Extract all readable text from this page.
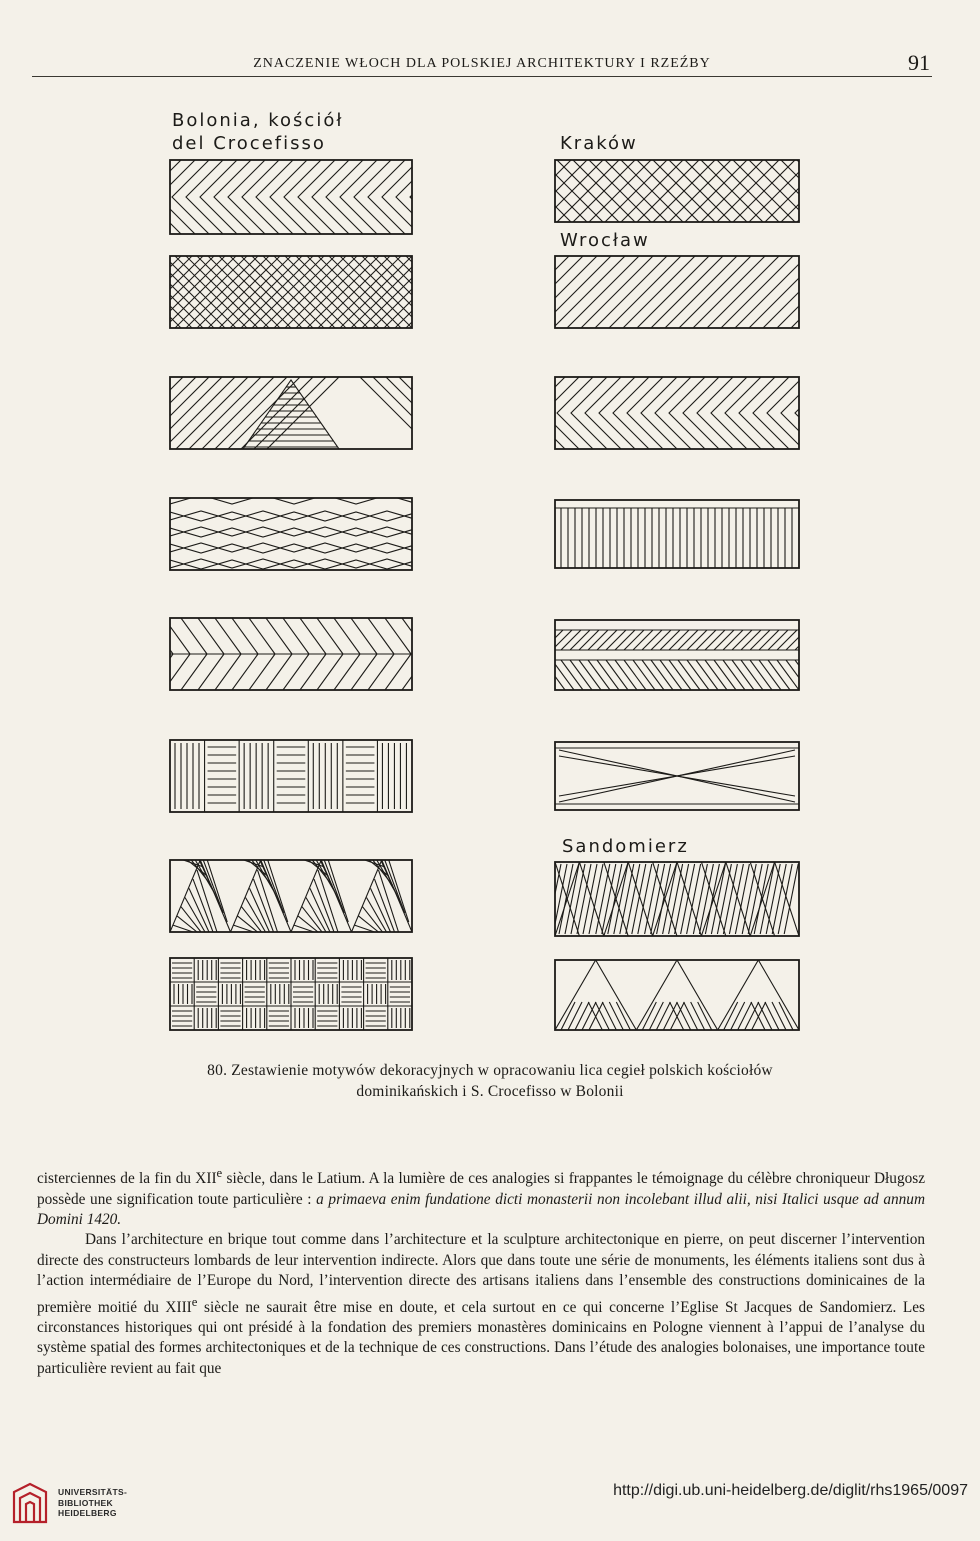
ZNACZENIE WŁOCH DLA POLSKIEJ ARCHITEKTURY I RZEŹBY	91
Bolonia, kościół
del Crocefisso	Kraków
Wrocław
Sandomierz
80. Zestawienie motywów dekoracyjnych w opracowaniu lica cegieł polskich kościołów
dominikańskich i S. Crocefisso w Bolonii

cisterciennes de la fin du XIIe siècle, dans le Latium. A la lumière de ces analogies si frappantes le témoignage du célèbre chroniqueur Długosz possède une signification toute particulière : a primaeva enim fundatione dicti monasterii non incolebant illud alii, nisi Italici usque ad annum Domini 1420.

Dans l’architecture en brique tout comme dans l’architecture et la sculpture architectonique en pierre, on peut discerner l’intervention directe des constructeurs lombards de leur intervention indirecte. Alors que dans toute une série de monuments, les éléments italiens sont dus à l’action intermédiaire de l’Europe du Nord, l’intervention directe des artisans italiens dans l’ensemble des constructions dominicaines de la première moitié du XIIIe siècle ne saurait être mise en doute, et cela surtout en ce qui concerne l’Eglise St Jacques de Sandomierz. Les circonstances historiques qui ont présidé à la fondation des premiers monastères dominicains en Pologne viennent à l’appui de l’analyse du système spatial des formes architectoniques et de la technique de ces constructions. Dans l’étude des analogies bolonaises, une importance toute particulière revient au fait que

UNIVERSITÄTS-
BIBLIOTHEK
HEIDELBERG
http://digi.ub.uni-heidelberg.de/diglit/rhs1965/0097
